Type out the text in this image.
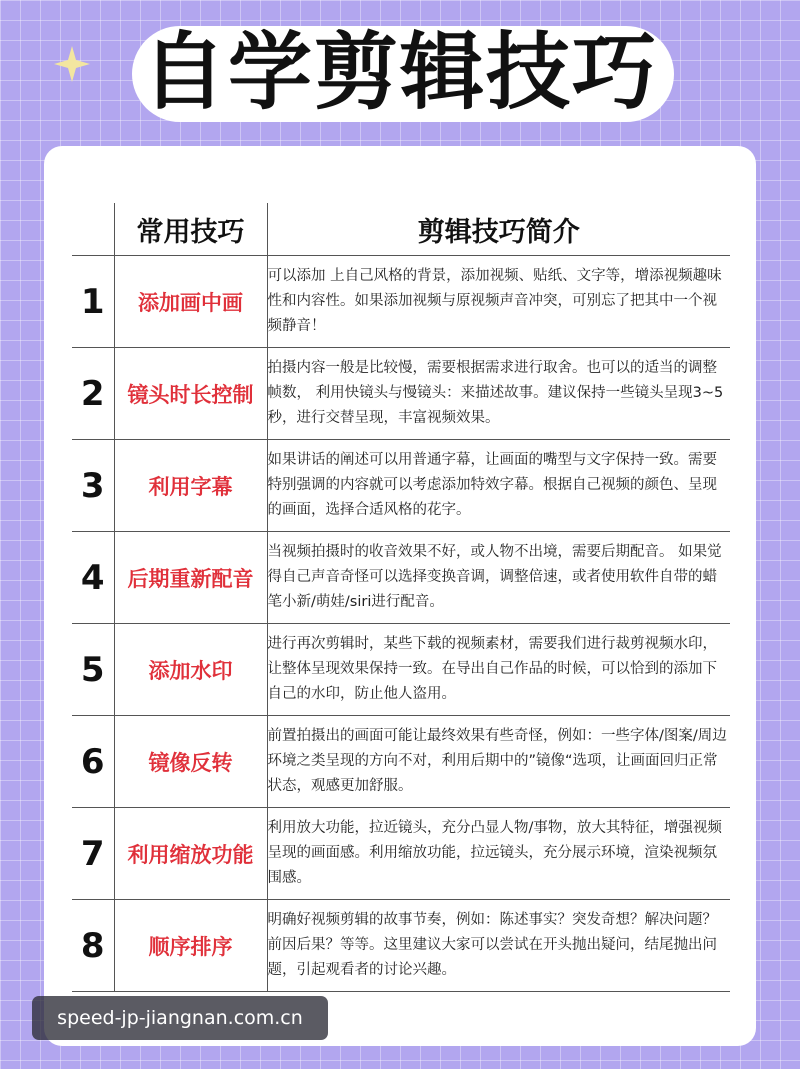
自学剪辑技巧
	常用技巧	剪辑技巧简介
1	添加画中画	可以添加 上自己风格的背景，添加视频、贴纸、文字等，增添视频趣味性和内容性。如果添加视频与原视频声音冲突，可别忘了把其中一个视频静音！
2	镜头时长控制	拍摄内容一般是比较慢，需要根据需求进行取舍。也可以的适当的调整帧数， 利用快镜头与慢镜头：来描述故事。建议保持一些镜头呈现3~5秒，进行交替呈现，丰富视频效果。
3	利用字幕	如果讲话的阐述可以用普通字幕，让画面的嘴型与文字保持一致。需要特别强调的内容就可以考虑添加特效字幕。根据自己视频的颜色、呈现的画面，选择合适风格的花字。
4	后期重新配音	当视频拍摄时的收音效果不好，或人物不出境，需要后期配音。 如果觉得自己声音奇怪可以选择变换音调，调整倍速，或者使用软件自带的蜡笔小新/萌娃/siri进行配音。
5	添加水印	进行再次剪辑时，某些下载的视频素材，需要我们进行裁剪视频水印， 让整体呈现效果保持一致。在导出自己作品的时候，可以恰到的添加下自己的水印，防止他人盗用。
6	镜像反转	前置拍摄出的画面可能让最终效果有些奇怪，例如：一些字体/图案/周边环境之类呈现的方向不对，利用后期中的”镜像“选项，让画面回归正常状态，观感更加舒服。
7	利用缩放功能	利用放大功能，拉近镜头，充分凸显人物/事物，放大其特征，增强视频呈现的画面感。利用缩放功能，拉远镜头，充分展示环境，渲染视频氛围感。
8	顺序排序	明确好视频剪辑的故事节奏，例如：陈述事实？突发奇想？解决问题？前因后果？等等。这里建议大家可以尝试在开头抛出疑问，结尾抛出问题，引起观看者的讨论兴趣。
speed-jp-jiangnan.com.cn
